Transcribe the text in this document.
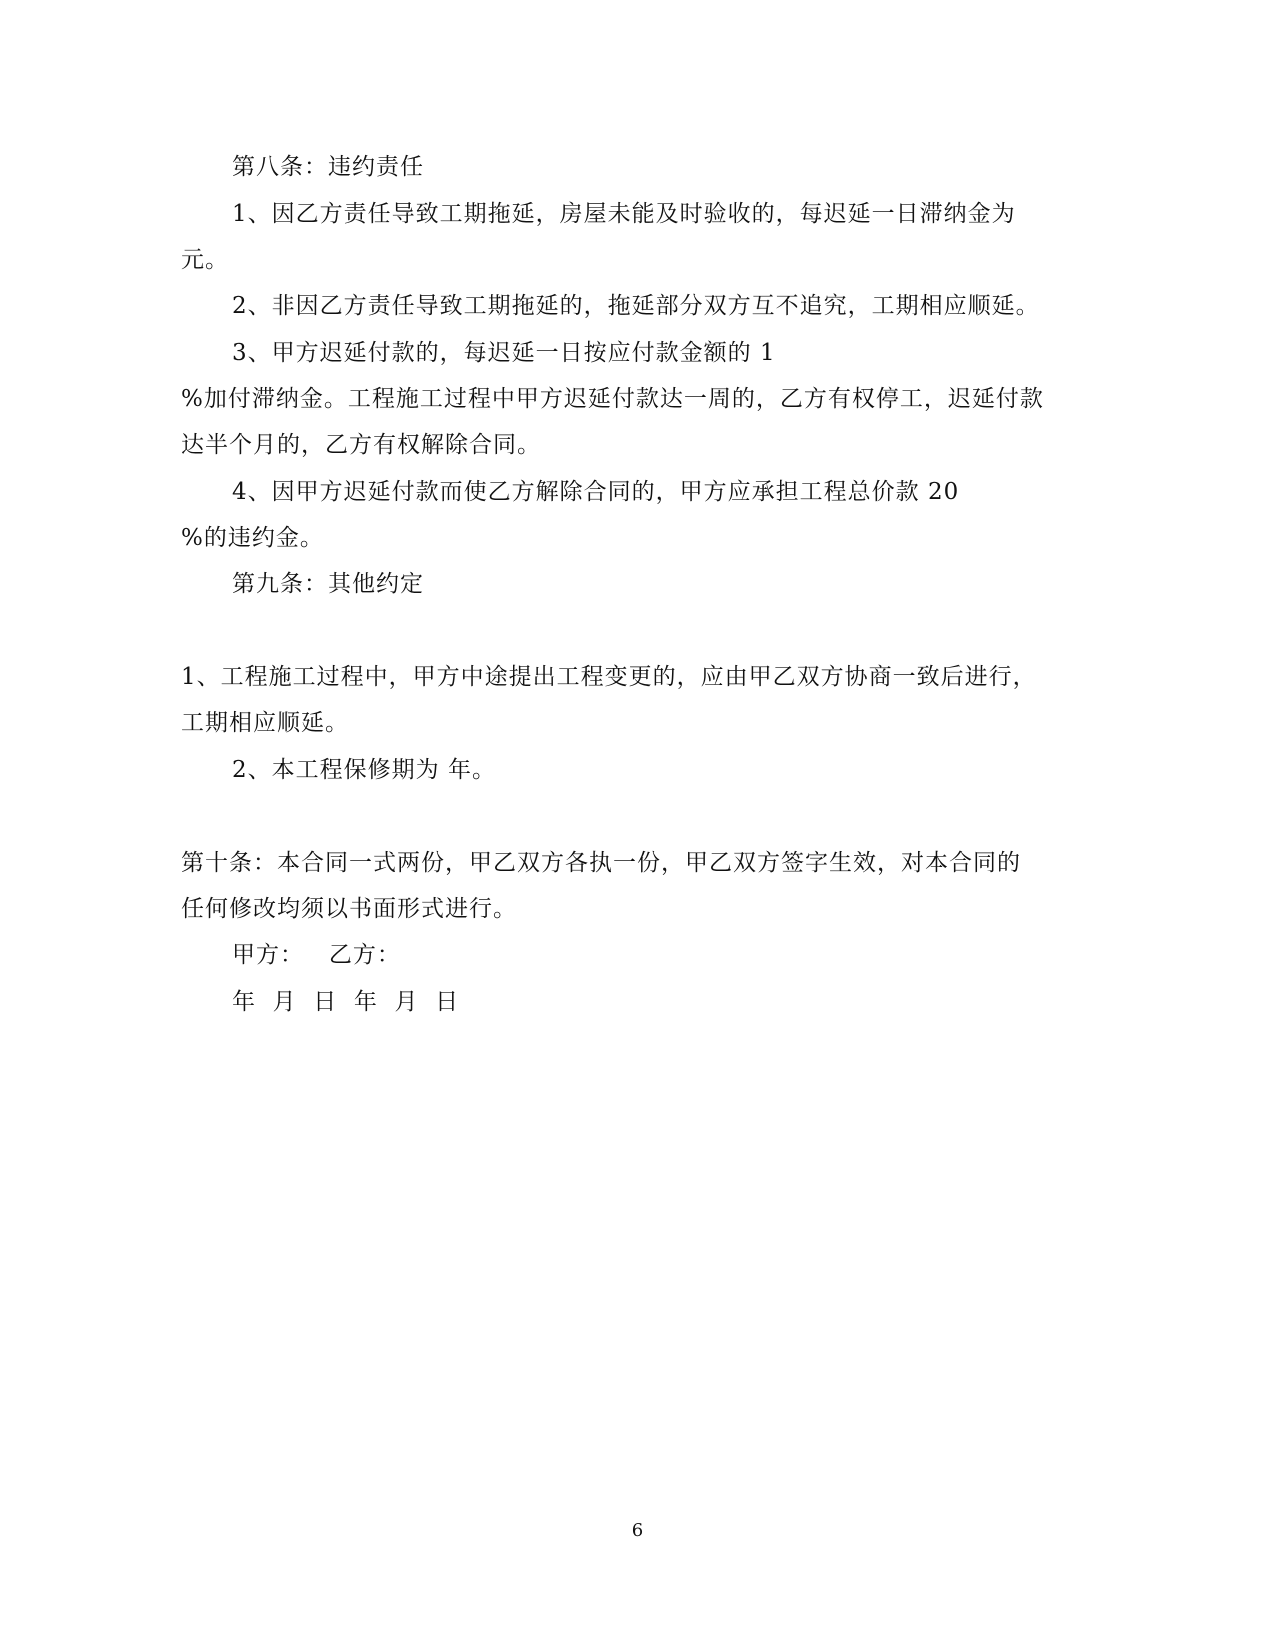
第八条：违约责任
1、因乙方责任导致工期拖延，房屋未能及时验收的，每迟延一日滞纳金为
元。
2、非因乙方责任导致工期拖延的，拖延部分双方互不追究，工期相应顺延。
3、甲方迟延付款的，每迟延一日按应付款金额的 1
%加付滞纳金。工程施工过程中甲方迟延付款达一周的，乙方有权停工，迟延付款
达半个月的，乙方有权解除合同。
4、因甲方迟延付款而使乙方解除合同的，甲方应承担工程总价款 20
%的违约金。
第九条：其他约定
1、工程施工过程中，甲方中途提出工程变更的，应由甲乙双方协商一致后进行，
工期相应顺延。
2、本工程保修期为 年。
第十条：本合同一式两份，甲乙双方各执一份，甲乙双方签字生效，对本合同的
任何修改均须以书面形式进行。
甲方：   乙方：
年  月  日  年  月  日
6
